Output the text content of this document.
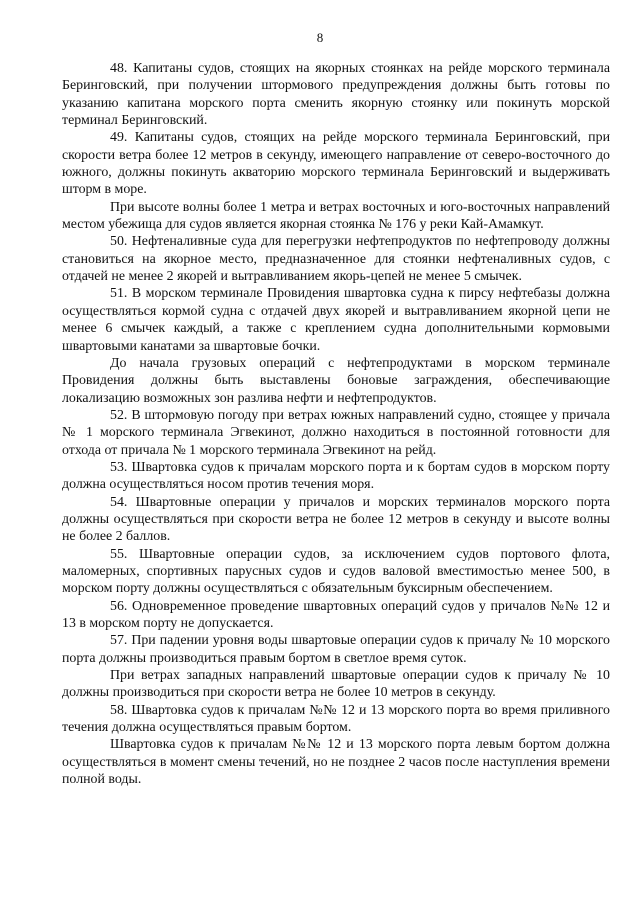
8

48. Капитаны судов, стоящих на якорных стоянках на рейде морского терминала Беринговский, при получении штормового предупреждения должны быть готовы по указанию капитана морского порта сменить якорную стоянку или покинуть морской терминал Беринговский.

49. Капитаны судов, стоящих на рейде морского терминала Беринговский, при скорости ветра более 12 метров в секунду, имеющего направление от северо-восточного до южного, должны покинуть акваторию морского терминала Беринговский и выдерживать шторм в море.

При высоте волны более 1 метра и ветрах восточных и юго-восточных направлений местом убежища для судов является якорная стоянка № 176 у реки Кай-Амамкут.

50. Нефтеналивные суда для перегрузки нефтепродуктов по нефтепроводу должны становиться на якорное место, предназначенное для стоянки нефтеналивных судов, с отдачей не менее 2 якорей и вытравливанием якорь-цепей не менее 5 смычек.

51. В морском терминале Провидения швартовка судна к пирсу нефтебазы должна осуществляться кормой судна с отдачей двух якорей и вытравливанием якорной цепи не менее 6 смычек каждый, а также с креплением судна дополнительными кормовыми швартовыми канатами за швартовые бочки.

До начала грузовых операций с нефтепродуктами в морском терминале Провидения должны быть выставлены боновые заграждения, обеспечивающие локализацию возможных зон разлива нефти и нефтепродуктов.

52. В штормовую погоду при ветрах южных направлений судно, стоящее у причала № 1 морского терминала Эгвекинот, должно находиться в постоянной готовности для отхода от причала № 1 морского терминала Эгвекинот на рейд.

53. Швартовка судов к причалам морского порта и к бортам судов в морском порту должна осуществляться носом против течения моря.

54. Швартовные операции у причалов и морских терминалов морского порта должны осуществляться при скорости ветра не более 12 метров в секунду и высоте волны не более 2 баллов.

55. Швартовные операции судов, за исключением судов портового флота, маломерных, спортивных парусных судов и судов валовой вместимостью менее 500, в морском порту должны осуществляться с обязательным буксирным обеспечением.

56. Одновременное проведение швартовных операций судов у причалов №№ 12 и 13 в морском порту не допускается.

57. При падении уровня воды швартовые операции судов к причалу № 10 морского порта должны производиться правым бортом в светлое время суток.

При ветрах западных направлений швартовые операции судов к причалу № 10 должны производиться при скорости ветра не более 10 метров в секунду.

58. Швартовка судов к причалам №№ 12 и 13 морского порта во время приливного течения должна осуществляться правым бортом.

Швартовка судов к причалам №№ 12 и 13 морского порта левым бортом должна осуществляться в момент смены течений, но не позднее 2 часов после наступления времени полной воды.
